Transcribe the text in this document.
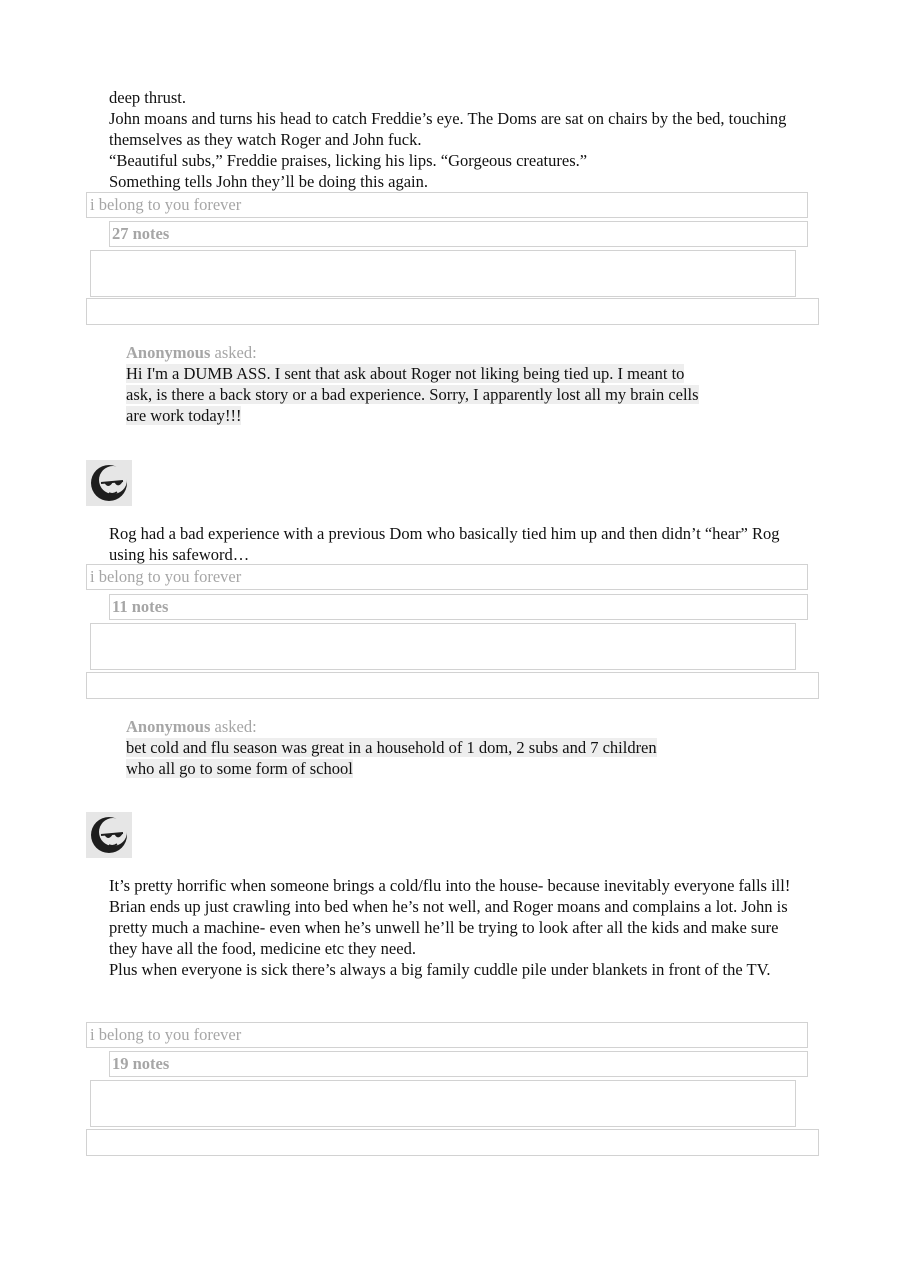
deep thrust.

John moans and turns his head to catch Freddie’s eye. The Doms are sat on chairs by the bed, touching themselves as they watch Roger and John fuck.

“Beautiful subs,” Freddie praises, licking his lips. “Gorgeous creatures.”

Something tells John they’ll be doing this again.

i belong to you forever
27 notes

Anonymous asked:

Hi I'm a DUMB ASS. I sent that ask about Roger not liking being tied up. I meant to ask, is there a back story or a bad experience. Sorry, I apparently lost all my brain cells are work today!!!

Rog had a bad experience with a previous Dom who basically tied him up and then didn’t “hear” Rog using his safeword…

i belong to you forever
11 notes

Anonymous asked:

bet cold and flu season was great in a household of 1 dom, 2 subs and 7 children who all go to some form of school

It’s pretty horrific when someone brings a cold/flu into the house- because inevitably everyone falls ill!

Brian ends up just crawling into bed when he’s not well, and Roger moans and complains a lot. John is pretty much a machine- even when he’s unwell he’ll be trying to look after all the kids and make sure they have all the food, medicine etc they need.

Plus when everyone is sick there’s always a big family cuddle pile under blankets in front of the TV.

i belong to you forever
19 notes
